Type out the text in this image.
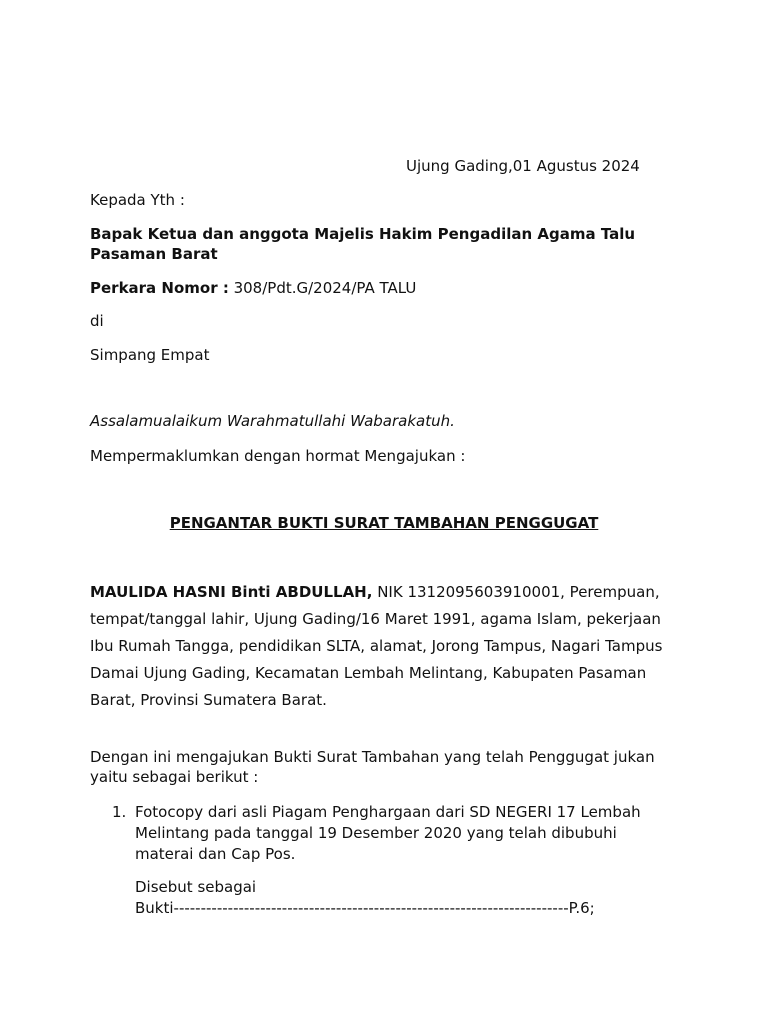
Ujung Gading,01 Agustus 2024
Kepada Yth :
Bapak Ketua dan anggota Majelis Hakim Pengadilan Agama Talu Pasaman Barat
Perkara Nomor : 308/Pdt.G/2024/PA TALU
di
Simpang Empat
Assalamualaikum Warahmatullahi Wabarakatuh.
Mempermaklumkan dengan hormat Mengajukan :
PENGANTAR BUKTI SURAT TAMBAHAN PENGGUGAT
MAULIDA HASNI Binti ABDULLAH, NIK 1312095603910001, Perempuan, tempat/tanggal lahir, Ujung Gading/16 Maret 1991, agama Islam, pekerjaan Ibu Rumah Tangga, pendidikan SLTA, alamat, Jorong Tampus, Nagari Tampus Damai Ujung Gading, Kecamatan Lembah Melintang, Kabupaten Pasaman Barat, Provinsi Sumatera Barat.
Dengan ini mengajukan Bukti Surat Tambahan yang telah Penggugat jukan yaitu sebagai berikut :
1. Fotocopy dari asli Piagam Penghargaan dari SD NEGERI 17 Lembah Melintang pada tanggal 19 Desember 2020 yang telah dibubuhi materai dan Cap Pos.
Disebut sebagai
Bukti-------------------------------------------------------------------------P.6;
